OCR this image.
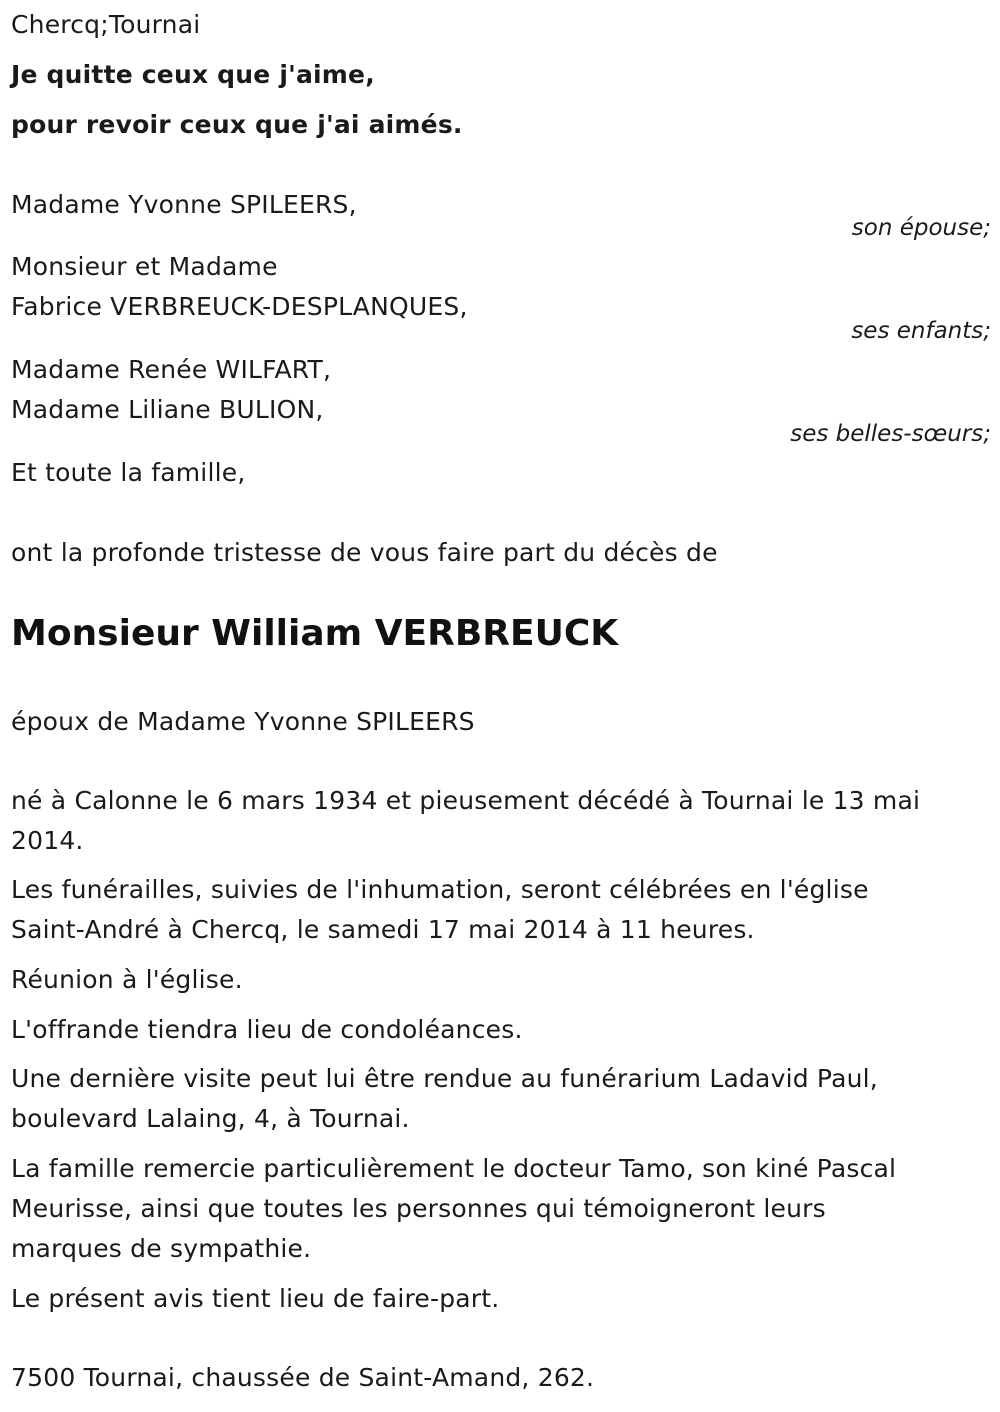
Chercq;Tournai

Je quitte ceux que j'aime,

pour revoir ceux que j'ai aimés.

Madame Yvonne SPILEERS,

son épouse;

Monsieur et Madame

Fabrice VERBREUCK-DESPLANQUES,

ses enfants;

Madame Renée WILFART,

Madame Liliane BULION,

ses belles-sœurs;

Et toute la famille,

ont la profonde tristesse de vous faire part du décès de

Monsieur William VERBREUCK

époux de Madame Yvonne SPILEERS

né à Calonne le 6 mars 1934 et pieusement décédé à Tournai le 13 mai

2014.

Les funérailles, suivies de l'inhumation, seront célébrées en l'église

Saint-André à Chercq, le samedi 17 mai 2014 à 11 heures.

Réunion à l'église.

L'offrande tiendra lieu de condoléances.

Une dernière visite peut lui être rendue au funérarium Ladavid Paul,

boulevard Lalaing, 4, à Tournai.

La famille remercie particulièrement le docteur Tamo, son kiné Pascal

Meurisse, ainsi que toutes les personnes qui témoigneront leurs

marques de sympathie.

Le présent avis tient lieu de faire-part.

7500 Tournai, chaussée de Saint-Amand, 262.
